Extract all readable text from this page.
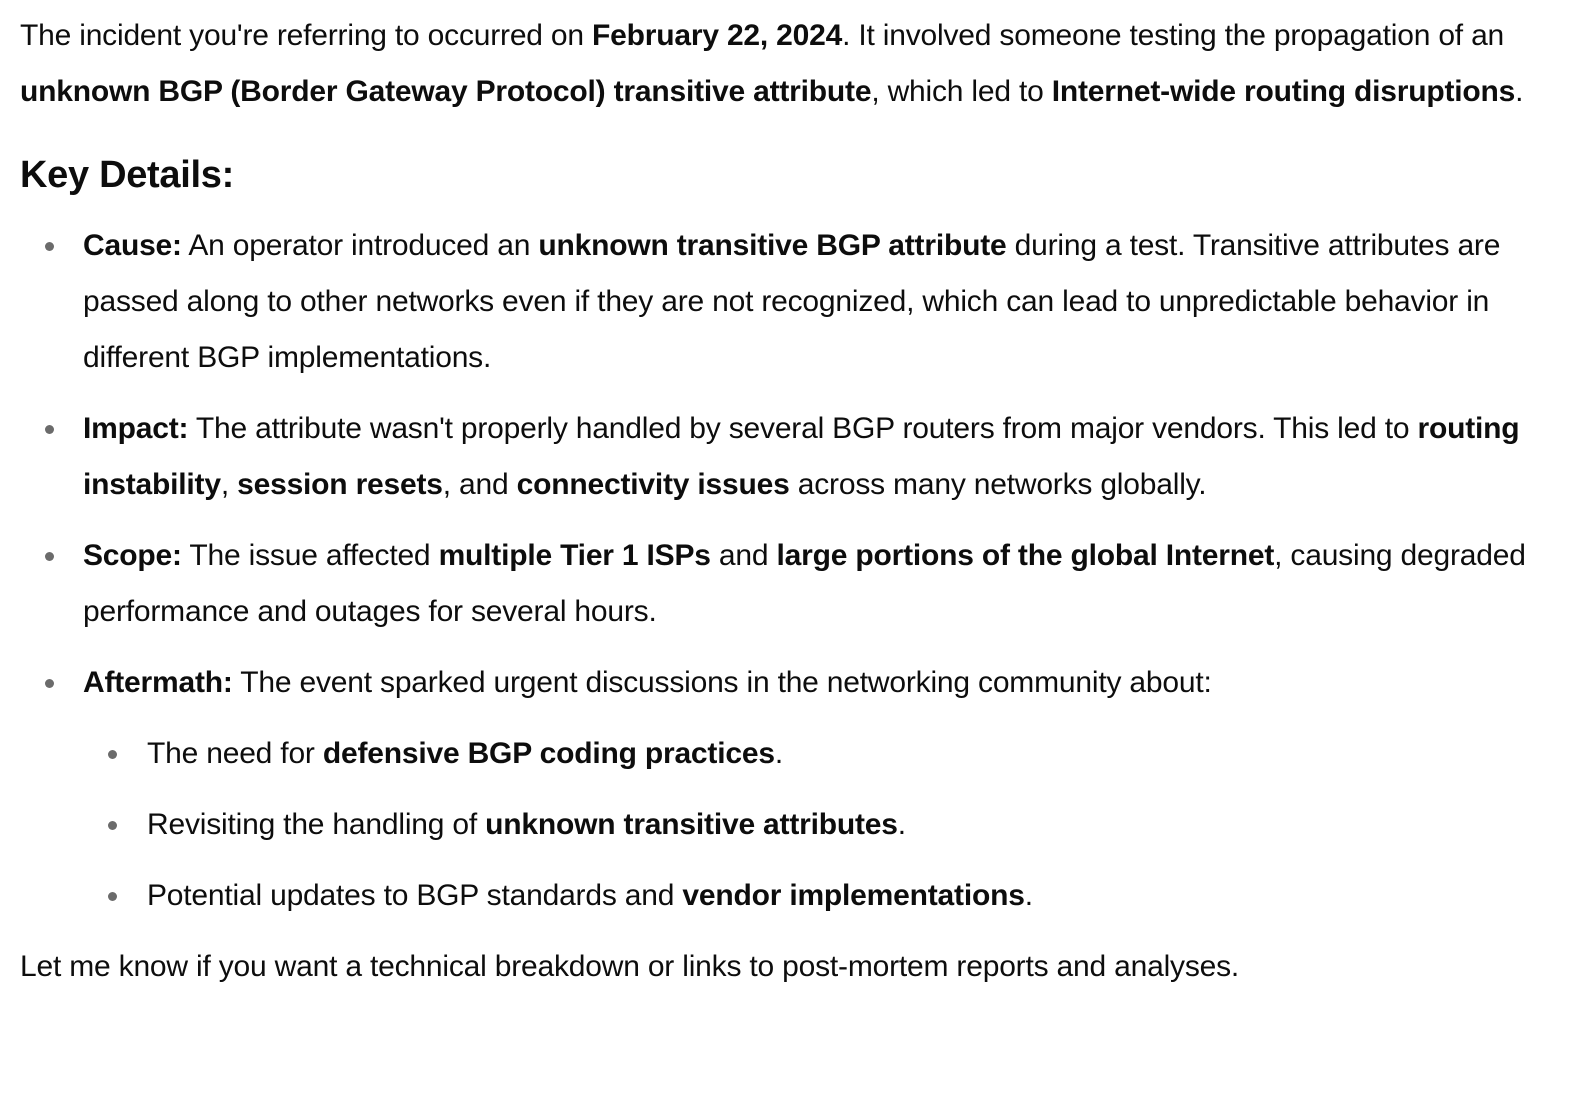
The incident you're referring to occurred on February 22, 2024. It involved someone testing the propagation of an unknown BGP (Border Gateway Protocol) transitive attribute, which led to Internet-wide routing disruptions.

Key Details:
Cause: An operator introduced an unknown transitive BGP attribute during a test. Transitive attributes are passed along to other networks even if they are not recognized, which can lead to unpredictable behavior in different BGP implementations.
Impact: The attribute wasn't properly handled by several BGP routers from major vendors. This led to routing instability, session resets, and connectivity issues across many networks globally.
Scope: The issue affected multiple Tier 1 ISPs and large portions of the global Internet, causing degraded performance and outages for several hours.
Aftermath: The event sparked urgent discussions in the networking community about:
The need for defensive BGP coding practices.
Revisiting the handling of unknown transitive attributes.
Potential updates to BGP standards and vendor implementations.

Let me know if you want a technical breakdown or links to post-mortem reports and analyses.
